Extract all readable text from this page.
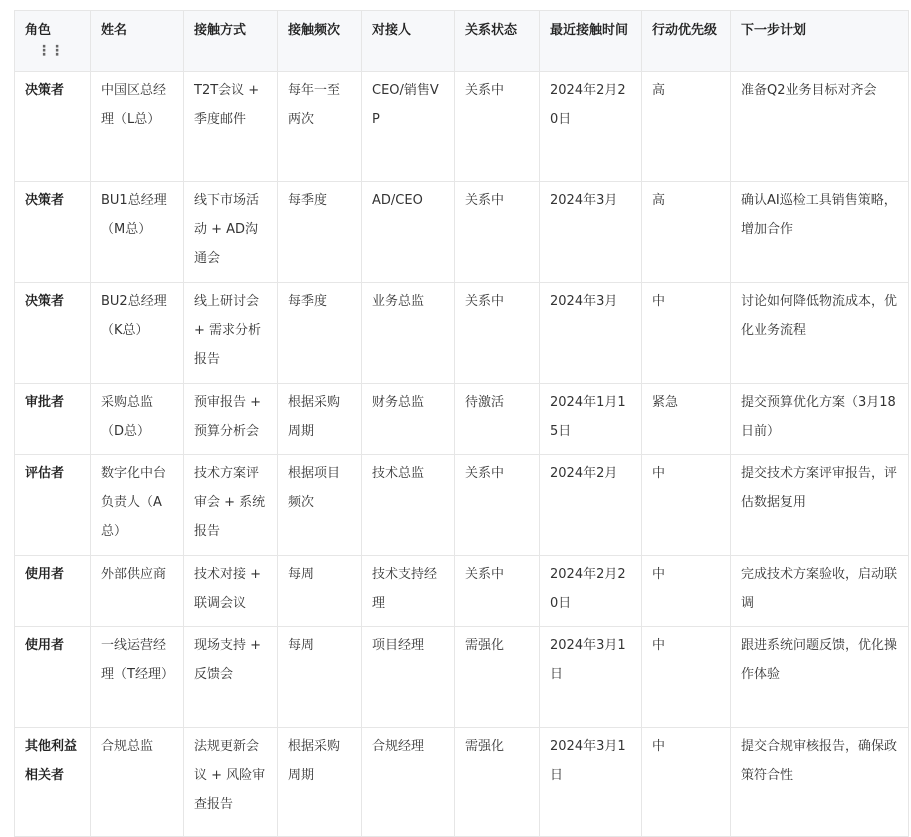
角色⋮⋮	姓名	接触方式	接触频次	对接人	关系状态	最近接触时间	行动优先级	下一步计划
决策者	中国区总经理（L总）	T2T会议 + 季度邮件	每年一至两次	CEO/销售VP	关系中	2024年2月20日	高	准备Q2业务目标对齐会
决策者	BU1总经理（M总）	线下市场活动 + AD沟通会	每季度	AD/CEO	关系中	2024年3月	高	确认AI巡检工具销售策略，增加合作
决策者	BU2总经理（K总）	线上研讨会 + 需求分析报告	每季度	业务总监	关系中	2024年3月	中	讨论如何降低物流成本，优化业务流程
审批者	采购总监（D总）	预审报告 + 预算分析会	根据采购周期	财务总监	待激活	2024年1月15日	紧急	提交预算优化方案（3月18日前）
评估者	数字化中台负责人（A总）	技术方案评审会 + 系统报告	根据项目频次	技术总监	关系中	2024年2月	中	提交技术方案评审报告，评估数据复用
使用者	外部供应商	技术对接 + 联调会议	每周	技术支持经理	关系中	2024年2月20日	中	完成技术方案验收，启动联调
使用者	一线运营经理（T经理）	现场支持 + 反馈会	每周	项目经理	需强化	2024年3月1日	中	跟进系统问题反馈，优化操作体验
其他利益相关者	合规总监	法规更新会议 + 风险审查报告	根据采购周期	合规经理	需强化	2024年3月1日	中	提交合规审核报告，确保政策符合性
